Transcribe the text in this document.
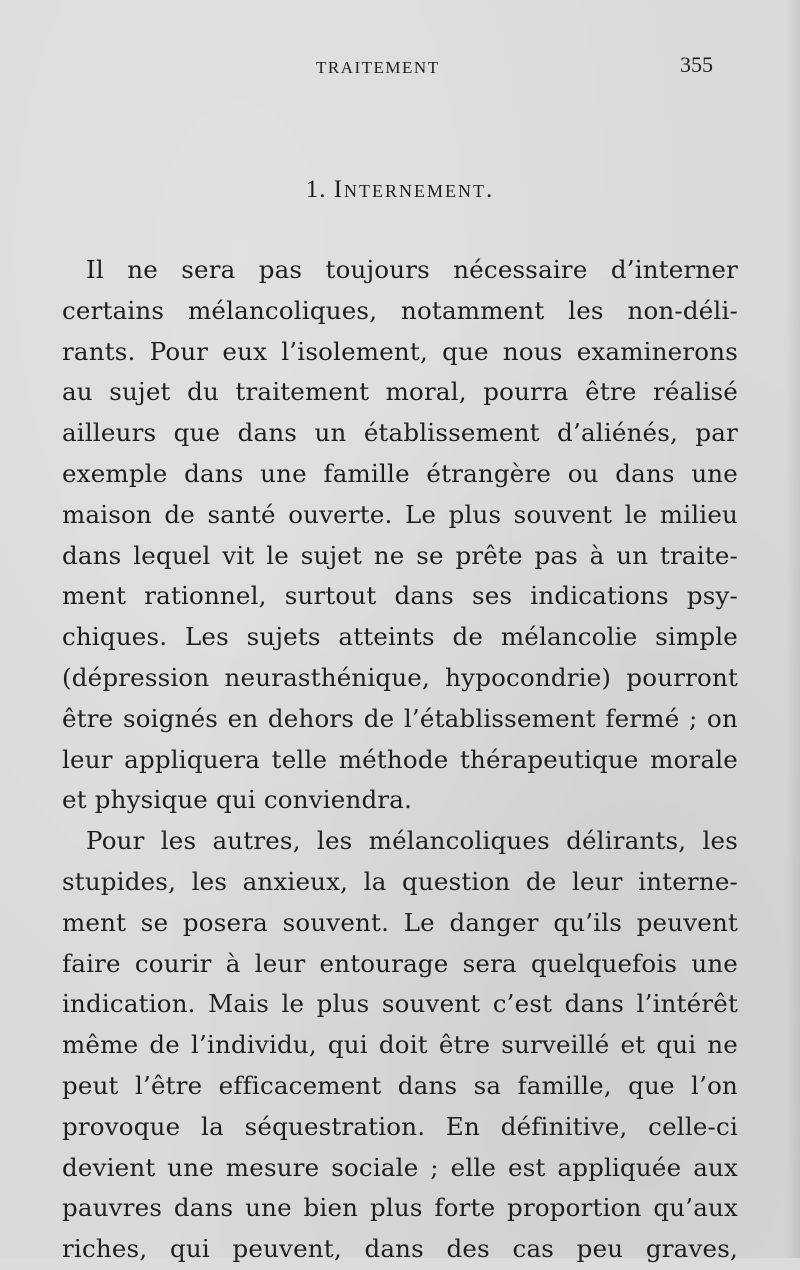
TRAITEMENT	355
1. Internement.
Il ne sera pas toujours nécessaire d’interner
certains mélancoliques, notamment les non-déli-
rants. Pour eux l’isolement, que nous examinerons
au sujet du traitement moral, pourra être réalisé
ailleurs que dans un établissement d’aliénés, par
exemple dans une famille étrangère ou dans une
maison de santé ouverte. Le plus souvent le milieu
dans lequel vit le sujet ne se prête pas à un traite-
ment rationnel, surtout dans ses indications psy-
chiques. Les sujets atteints de mélancolie simple
(dépression neurasthénique, hypocondrie) pourront
être soignés en dehors de l’établissement fermé ; on
leur appliquera telle méthode thérapeutique morale
et physique qui conviendra.
Pour les autres, les mélancoliques délirants, les
stupides, les anxieux, la question de leur interne-
ment se posera souvent. Le danger qu’ils peuvent
faire courir à leur entourage sera quelquefois une
indication. Mais le plus souvent c’est dans l’intérêt
même de l’individu, qui doit être surveillé et qui ne
peut l’être efficacement dans sa famille, que l’on
provoque la séquestration. En définitive, celle-ci
devient une mesure sociale ; elle est appliquée aux
pauvres dans une bien plus forte proportion qu’aux
riches, qui peuvent, dans des cas peu graves,
